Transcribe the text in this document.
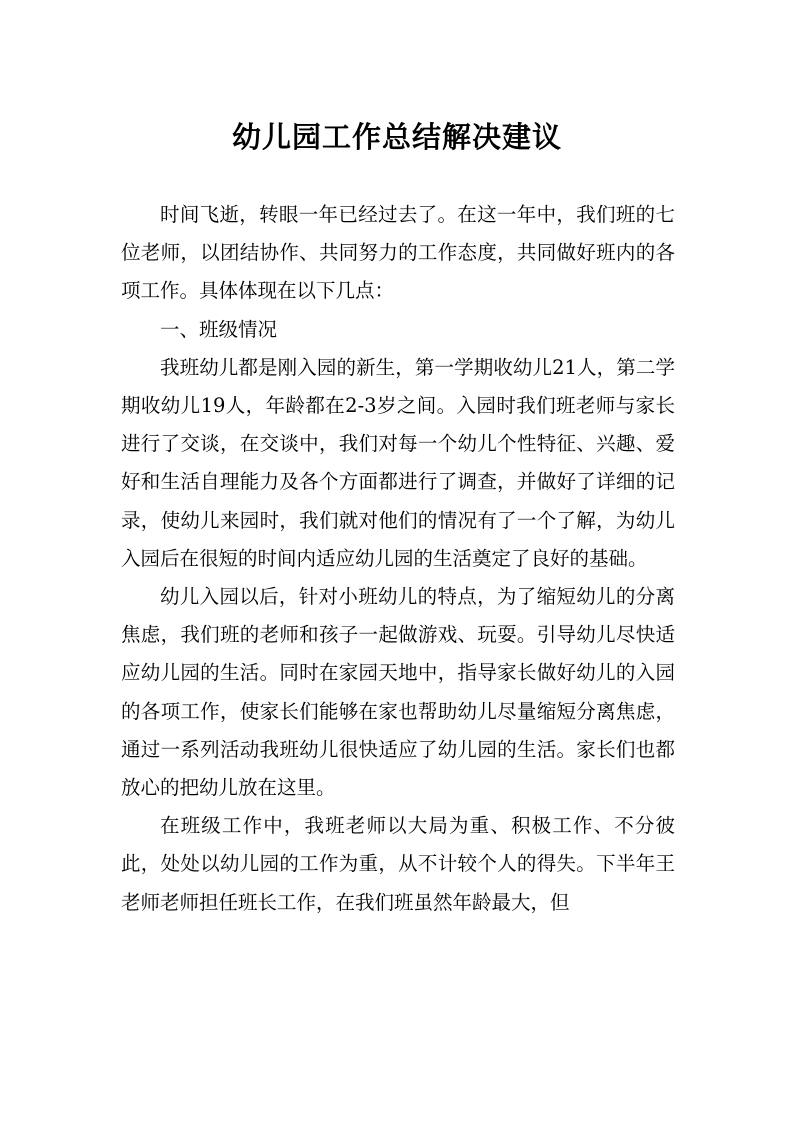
幼儿园工作总结解决建议

时间飞逝，转眼一年已经过去了。在这一年中，我们班的七位老师，以团结协作、共同努力的工作态度，共同做好班内的各项工作。具体体现在以下几点：

一、班级情况

我班幼儿都是刚入园的新生，第一学期收幼儿21人，第二学期收幼儿19人，年龄都在2-3岁之间。入园时我们班老师与家长进行了交谈，在交谈中，我们对每一个幼儿个性特征、兴趣、爱好和生活自理能力及各个方面都进行了调查，并做好了详细的记录，使幼儿来园时，我们就对他们的情况有了一个了解，为幼儿入园后在很短的时间内适应幼儿园的生活奠定了良好的基础。

幼儿入园以后，针对小班幼儿的特点，为了缩短幼儿的分离焦虑，我们班的老师和孩子一起做游戏、玩耍。引导幼儿尽快适应幼儿园的生活。同时在家园天地中，指导家长做好幼儿的入园的各项工作，使家长们能够在家也帮助幼儿尽量缩短分离焦虑，通过一系列活动我班幼儿很快适应了幼儿园的生活。家长们也都放心的把幼儿放在这里。

在班级工作中，我班老师以大局为重、积极工作、不分彼此，处处以幼儿园的工作为重，从不计较个人的得失。下半年王老师老师担任班长工作，在我们班虽然年龄最大，但
